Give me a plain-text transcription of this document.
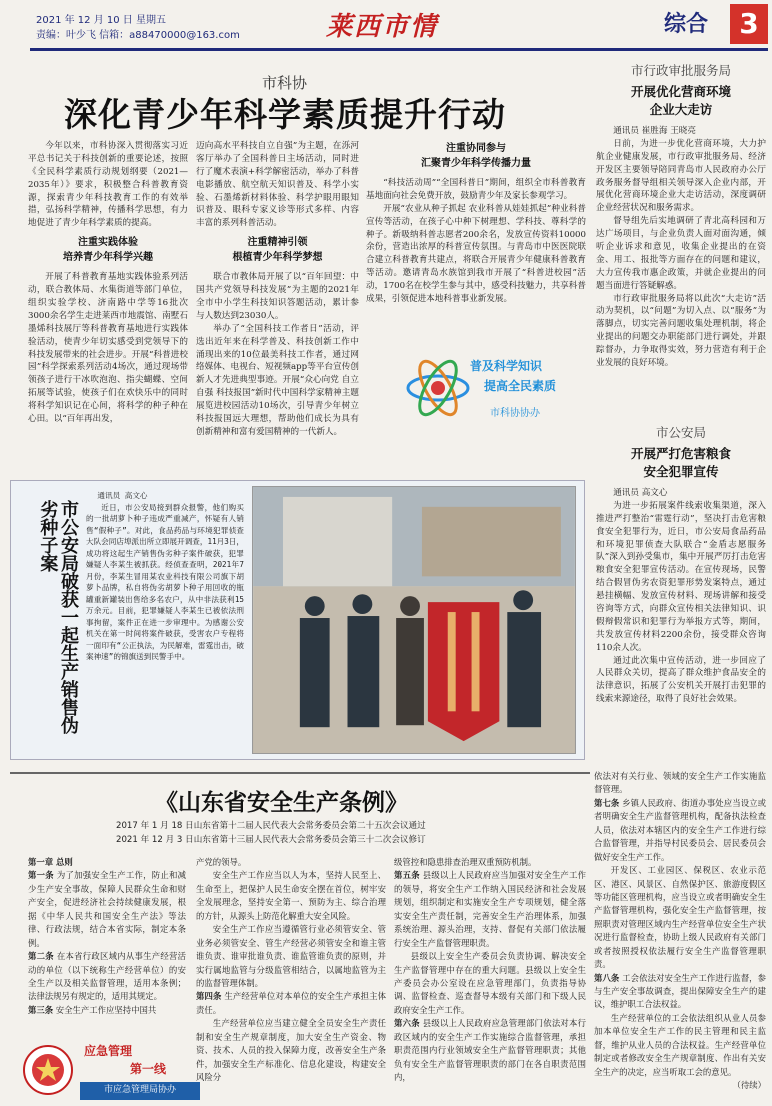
2021 年 12 月 10 日 星期五
责编：叶少飞 信箱：a88470000@163.com	莱西市情	综合	3
市科协
深化青少年科学素质提升行动

今年以来，市科协深入贯彻落实习近平总书记关于科技创新的重要论述，按照《全民科学素质行动规划纲要（2021—2035年）》要求，积极整合科普教育资源，探索青少年科技教育工作的有效举措，弘扬科学精神，传播科学思想，有力地促进了青少年科学素质的提高。

注重实践体验
培养青少年科学兴趣

开展了科普教育基地实践体验系列活动，联合教体局、水集街道等部门单位，组织实验学校、济南路中学等16批次3000余名学生走进莱西市地震馆、南墅石墨烯科技展厅等科普教育基地进行实践体验活动，使青少年切实感受到党领导下的科技发展带来的社会进步。开展“科普进校园”科学探索系列活动4场次，通过现场带领孩子进行干冰吹泡泡、指尖蝴蝶、空间拓展等试验，使孩子们在欢快乐中的同时将科学知识记在心间，将科学的种子种在心田。以“百年再出发，

迈向高水平科技自立自强”为主题，在泺河客厅举办了全国科普日主场活动，同时进行了魔术表演+科学解密活动，举办了科普电影播放、航空航天知识普及、科学小实验、石墨烯新材料体验、科学护眼用眼知识普及、眼科专家义诊等形式多样、内容丰富的系列科普活动。

注重精神引领
根植青少年科学梦想

联合市教体局开展了以“百年回望：中国共产党领导科技发展”为主题的2021年全市中小学生科技知识答题活动，累计参与人数达到23030人。

举办了“全国科技工作者日”活动，评选出近年来在科学普及、科技创新工作中涌现出来的10位最美科技工作者，通过网络媒体、电视台、短视频app等平台宣传创新人才先进典型事迹。开展“众心向党 自立自强 科技报国”新时代中国科学家精神主题展览进校园活动10场次，引导青少年树立科技报国远大理想，帮助他们成长为具有创新精神和富有爱国精神的一代新人。

注重协同参与
汇聚青少年科学传播力量

“科技活动周”“全国科普日”期间，组织全市科普教育基地面向社会免费开放，鼓励青少年及家长参观学习。

开展“农业从种子抓起 农业科普从娃娃抓起”种业科普宣传等活动，在孩子心中种下树理想、学科技、尊科学的种子。新吸纳科普志愿者200余名，发放宣传资料10000余份，营造出浓厚的科普宣传氛围。与青岛市中医医院联合建立科普教育共建点，将联合开展青少年健康科普教育等活动。邀请青岛水族馆到我市开展了“科普进校园”活动，1700名在校学生参与其中，感受科技魅力，共享科普成果，引领促进本地科普事业新发展。

普及科学知识
提高全民素质
市科协协办
市行政审批服务局
开展优化营商环境
企业大走访

通讯员 崔胜海 王晓亮

日前，为进一步优化营商环境，大力护航企业健康发展，市行政审批服务局、经济开发区主要领导陪同青岛市人民政府办公厅政务服务督导组相关领导深入企业内部，开展优化营商环境企业大走访活动，深度调研企业经营状况和服务需求。

督导组先后实地调研了青北高科园和万达广场项目，与企业负责人面对面沟通，倾听企业诉求和意见，收集企业提出的在资金、用工、报批等方面存在的问题和建议，大力宣传我市惠企政策，并就企业提出的问题当面进行答疑解惑。

市行政审批服务局将以此次“大走访”活动为契机，以“问题”为切入点、以“服务”为落脚点，切实完善问题收集处理机制，将企业提出的问题交办职能部门进行调处，并跟踪督办，力争取得实效，努力营造有利于企业发展的良好环境。

市公安局
开展严打危害粮食
安全犯罪宣传

通讯员 高文心

为进一步拓展案件线索收集渠道，深入推进严打整治“雷霆行动”，坚决打击危害粮食安全犯罪行为，近日，市公安局食品药品和环境犯罪侦查大队联合“金盾志愿服务队”深入到孙受集市，集中开展严厉打击危害粮食安全犯罪宣传活动。在宣传现场，民警结合假冒伪劣农资犯罪形势发案特点，通过悬挂横幅、发放宣传材料、现场讲解和接受咨询等方式，向群众宣传相关法律知识、识假辩假常识和犯罪行为举报方式等，期间，共发放宣传材料2200余份，接受群众咨询110余人次。

通过此次集中宣传活动，进一步回应了人民群众关切，提高了群众维护食品安全的法律意识，拓展了公安机关开展打击犯罪的线索来源途径，取得了良好社会效果。

市公安局破获一起生产销售伪劣种子案
通讯员 高文心
近日，市公安局接到群众报警，他们购买的一批胡萝卜种子违成严重减产，怀疑有人销售“假种子”。对此，食品药品与环境犯罪侦查大队会同店埠派出所立即展开调查，11月3日，成功将这起生产销售伪劣种子案件破获，犯罪嫌疑人李某生被抓获。经侦查查明，2021年7月份，李某生冒用某农业科技有限公司旗下胡萝卜品牌，私自将伪劣胡萝卜种子用回收的瓶罐重新罐装出售给多名农户，从中非法获利15万余元。目前，犯罪嫌疑人李某生已被依法刑事拘留，案件正在进一步审理中。为感谢公安机关在第一时间将案件破获，受害农户专程将一面印有“公正执法，为民解难，雷霆出击，破案神速”的锦旗送到民警手中。
《山东省安全生产条例》
2017 年 1 月 18 日山东省第十二届人民代表大会常务委员会第二十五次会议通过
2021 年 12 月 3 日山东省第十三届人民代表大会常务委员会第三十二次会议修订

第一章 总则

第一条 为了加强安全生产工作，防止和减少生产安全事故，保障人民群众生命和财产安全，促进经济社会持续健康发展，根据《中华人民共和国安全生产法》等法律、行政法规，结合本省实际，制定本条例。

第二条 在本省行政区域内从事生产经营活动的单位（以下统称生产经营单位）的安全生产以及相关监督管理，适用本条例；法律法规另有规定的，适用其规定。

第三条 安全生产工作应坚持中国共

产党的领导。

安全生产工作应当以人为本，坚持人民至上、生命至上，把保护人民生命安全摆在首位，树牢安全发展理念，坚持安全第一、预防为主、综合治理的方针，从源头上防范化解重大安全风险。

安全生产工作应当遵循管行业必须管安全、管业务必须管安全、管生产经营必须管安全和谁主管谁负责、谁审批谁负责、谁监管谁负责的原则，并实行属地监管与分级监管相结合，以属地监管为主的监督管理体制。

第四条 生产经营单位对本单位的安全生产承担主体责任。

生产经营单位应当建立健全全员安全生产责任制和安全生产规章制度，加大安全生产资金、物资、技术、人员的投入保障力度，改善安全生产条件，加强安全生产标准化、信息化建设，构建安全风险分

级管控和隐患排查治理双重预防机制。

第五条 县级以上人民政府应当加强对安全生产工作的领导，将安全生产工作纳入国民经济和社会发展规划，组织制定和实施安全生产专项规划，健全落实安全生产责任制，完善安全生产治理体系，加强系统治理、源头治理，支持、督促有关部门依法履行安全生产监督管理职责。

县级以上安全生产委员会负责协调、解决安全生产监督管理中存在的重大问题。县级以上安全生产委员会办公室设在应急管理部门，负责指导协调、监督检查、巡查督导本级有关部门和下级人民政府安全生产工作。

第六条 县级以上人民政府应急管理部门依法对本行政区域内的安全生产工作实施综合监督管理，承担职责范围内行业领域安全生产监督管理职责；其他负有安全生产监督管理职责的部门在各自职责范围内，

依法对有关行业、领域的安全生产工作实施监督管理。

第七条 乡镇人民政府、街道办事处应当设立或者明确安全生产监督管理机构，配备执法检查人员，依法对本辖区内的安全生产工作进行综合监督管理，并指导村民委员会、居民委员会做好安全生产工作。

开发区、工业园区、保税区、农业示范区、港区、风景区、自然保护区、旅游度假区等功能区管理机构，应当设立或者明确安全生产监督管理机构，强化安全生产监督管理，按照职责对管理区域内生产经营单位安全生产状况进行监督检查，协助上级人民政府有关部门或者按照授权依法履行安全生产监督管理职责。

第八条 工会依法对安全生产工作进行监督，参与生产安全事故调查，提出保障安全生产的建议，维护职工合法权益。

生产经营单位的工会依法组织从业人员参加本单位安全生产工作的民主管理和民主监督，维护从业人员的合法权益。生产经营单位制定或者修改安全生产规章制度、作出有关安全生产的决定，应当听取工会的意见。

（待续）

应急管理
第一线
市应急管理局协办
